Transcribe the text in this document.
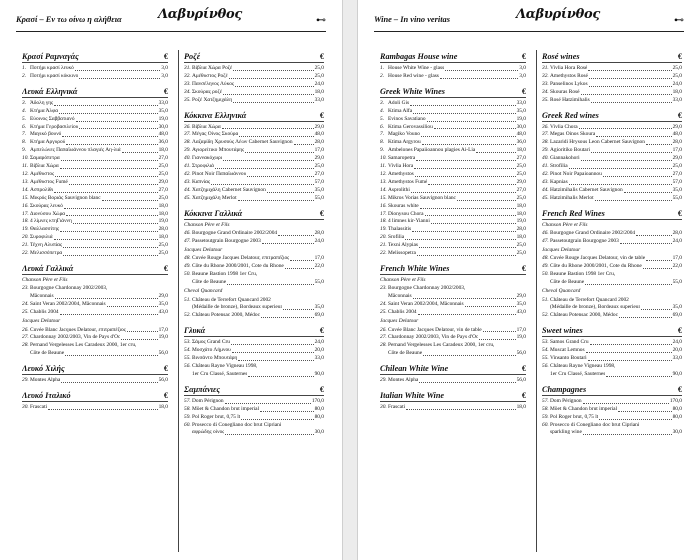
Κρασί – Εν τω οίνω η αλήθεια	Λαβυρίνθος	⊷
Κρασί Ραμναγάς	€
1. Ποτήρι κρασί λευκό	3,0
2. Ποτήρι κρασί κόκκινο	3,0
Λευκά Ελληνικά	€
3. Άδολη γης	33,0
4. Κτήμα Άλφα	35,0
5. Εύοινος Σαββατιανό	19,0
6. Κτήμα Γεροβασιλείου	30,0
7. Μαγικό βουνό	48,0
8. Κτήμα Αργυρού	36,0
9. Αμπελώνες Παπαϊωάννου πλαγιές Αη-λιά	18,0
10. Σαμαρόπετρα	27,0
11. Βίβλια Χώρα	25,0
12. Αμέθυστος	25,0
13. Αμέθυστος Fumé	29,0
14. Ασπρολίθι	27,0
15. Μικρός Βοριάς Sauvignon blanc	25,0
16. Σκούρας λευκό	18,0
17. Διονύσου Χώρα	18,0
18. 4 λίμνες κτηΓιάννη	19,0
19. Θαλλασσίτης	28,0
20. Συροφιλιά	18,0
21. Τέχνη Αλυπίας	25,0
22. Μελισσόπετρα	25,0
Λευκά Γαλλικά	€
Chanson Père et Fils
23. Bourgogne Chardonnay 2002/2003,
Mâconnais	29,0
24. Saint Veran 2002/2004, Mâconnais	35,0
25. Chablis 2004	43,0
Jacques Delatour
26. Cuvée Blanc Jacques Delatour, επιτραπέζιος	17,0
27. Chardonnay 2002/2003, Vin de Pays d'Oc	19,0
28. Pernand Vergelesses Les Caradeux 2000, 1er cru,
Côte de Beaune	56,0
Λευκό Χιλής	€
29. Montes Alpha	56,0
Λευκό Ιταλικό	€
30. Frascati	18,0
Ροζέ	€
31. Βίβλια Χώρα Ροζέ	25,0
32. Αμέθυστος Ροζέ	25,0
33. Πανσέληνος Λύκος	24,0
34. Σκούρας ροζέ	18,0
35. Ροζέ Χατζημιχάλη	33,0
Κόκκινα Ελληνικά	€
36. Βίβλια Χώρα	29,0
37. Μέγας Οίνος Σκούρα	48,0
38. Λαζαρίδη Χρυσούς Λέων Cabernet Sauvignon	28,0
39. Αγιορείτικο Μπουτάρης	17,0
40. Γιαννακόχωρι	29,0
41. Στροφιλιά	25,0
42. Pinot Noir Παπαϊωάννου	27,0
43. Καπνίας	57,0
44. Χατζημιχάλη Cabernet Sauvignon	35,0
45. Χατζημιχάλη Merlot	55,0
Κόκκινα Γαλλικά	€
Chanson Père et Fils
46. Bourgogne Grand Ordinaire 2002/2004	28,0
47. Passetoutgrain Bourgogne 2003	24,0
Jacques Delatour
48. Cuvée Rouge Jacques Delatour, επιτραπέζιος	17,0
49. Côte du Rhone 2000/2001, Cote du Rhone	22,0
50. Beaune Bastion 1998 1er Cru,
Côte de Beaune	55,0
Cheval Quancard
51. Château de Terrefort Quancard 2002
(Médaille de bronze), Bordeaux superieur	35,0
52. Château Potensac 2000, Médoc	69,0
Γλυκά	€
53. Σάμος Grand Cru	24,0
54. Μοσχάτο Λήμνου	20,0
55. Βινσάντο Μπουτάρη	33,0
56. Château Rayne Vigneau 1998,
1er Cru Classé, Sauternes	90,0
Σαμπάνιες	€
57. Dom Pérignon	170,0
58. Möet & Chandon brut imperial	80,0
59. Pol Roger brut, 0,75 lt	80,0
60. Prosecco di Conegliano doc brut Cipriani
αφρώδης οίνος	30,0
Wine – In vino veritas	Λαβυρίνθος	⊷
Rambagas House wine	€
1. House White Wine - glass	3,0
2. House Red wine - glass	3,0
Greek White Wines	€
3. Adoli Gis	33,0
4. Ktima Alfa	35,0
5. Evinos Savatiano	19,0
6. Ktima Gerovassiliou	30,0
7. Magiko Vouno	48,0
8. Ktima Argyrou	36,0
9. Ambelones Papaiioannou plagies Ai-Lia	18,0
10. Samaropetra	27,0
11. Vivlia Hora	25,0
12. Amethystos	25,0
13. Amethystos Fumé	29,0
14. Asprolithi	27,0
15. Mikros Vorias Sauvignon blanc	25,0
16. Skouras white	18,0
17. Dionysou Chora	18,0
18. 4 limnes kir-Yianni	19,0
19. Thalassitis	28,0
20. Srofilia	18,0
21. Texni Alypias	25,0
22. Melissopetra	25,0
French White Wines	€
Chanson Père et Fils
23. Bourgogne Chardonnay 2002/2003,
Mâconnais	29,0
24. Saint Veran 2002/2004, Mâconnais	35,0
25. Chablis 2004	43,0
Jacques Delatour
26. Cuvée Blanc Jacques Delatour, vin de table	17,0
27. Chardonnay 2002/2003, Vin de Pays d'Oc	19,0
28. Pernand Vergelesses Les Caradeux 2000, 1er cru,
Côte de Beaune	56,0
Chilean White Wine	€
29. Montes Alpha	56,0
Italian White Wine	€
30. Frascati	18,0
Rosé wines	€
31. Vivlia Hora Rosé	25,0
32. Amethystos Rosé	25,0
33. Panselinos Lykos	24,0
34. Skouras Rosé	18,0
35. Rosé Hatzimihalis	33,0
Greek Red wines	€
36. Vivlia Chora	29,0
37. Megas Oinos Skoura	48,0
38. Lazaridi Hrysous Leon Cabernet Sauvignon	28,0
39. Agioritiko Boutari	17,0
40. Giannakohori	29,0
41. Strofilia	25,0
42. Pinot Noir Papaioannou	27,0
43. Kapnias	57,0
44. Hatzimihalis Cabernet Sauvignon	35,0
45. Hatzimihalis Merlot	55,0
French Red Wines	€
Chanson Père et Fils
46. Bourgogne Grand Ordinaire 2002/2004	28,0
47. Passetoutgrain Bourgogne 2003	24,0
Jacques Delatour
48. Cuvée Rouge Jacques Delatour, vin de table	17,0
49. Côte du Rhone 2000/2001, Cote du Rhone	22,0
50. Beaune Bastion 1998 1er Cru,
Côte de Beaune	55,0
Cheval Quancard
51. Château de Terrefort Quancard 2002
(Médaille de bronze), Bordeaux superieur	35,0
52. Château Potensac 2000, Médoc	69,0
Sweet wines	€
53. Samos Grand Cru	24,0
54. Muscat Lemnos	20,0
55. Vinsanto Boutari	33,0
56. Château Rayne Vigneau 1998,
1er Cru Classé, Sauternes	90,0
Champagnes	€
57. Dom Pérignon	170,0
58. Möet & Chandon brut imperial	80,0
59. Pol Roger brut, 0,75 lt	80,0
60. Prosecco di Conegliano doc brut Cipriani
sparkling wine	30,0
